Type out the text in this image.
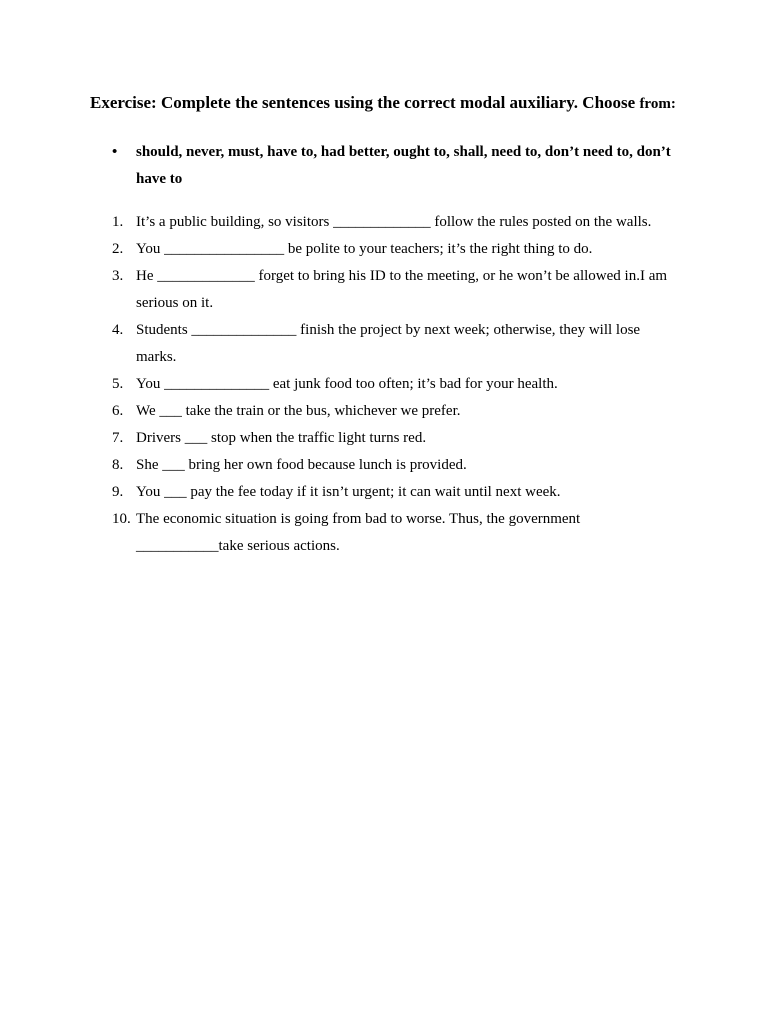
Exercise: Complete the sentences using the correct modal auxiliary. Choose from:
• should, never, must, have to, had better, ought to, shall, need to, don’t need to, don’t have to
1. It’s a public building, so visitors _____________ follow the rules posted on the walls.
2. You ________________ be polite to your teachers; it’s the right thing to do.
3. He _____________ forget to bring his ID to the meeting, or he won’t be allowed in.I am serious on it.
4. Students ______________ finish the project by next week; otherwise, they will lose marks.
5. You ______________ eat junk food too often; it’s bad for your health.
6. We ___ take the train or the bus, whichever we prefer.
7. Drivers ___ stop when the traffic light turns red.
8. She ___ bring her own food because lunch is provided.
9. You ___ pay the fee today if it isn’t urgent; it can wait until next week.
10. The economic situation is going from bad to worse. Thus, the government ___________take serious actions.
